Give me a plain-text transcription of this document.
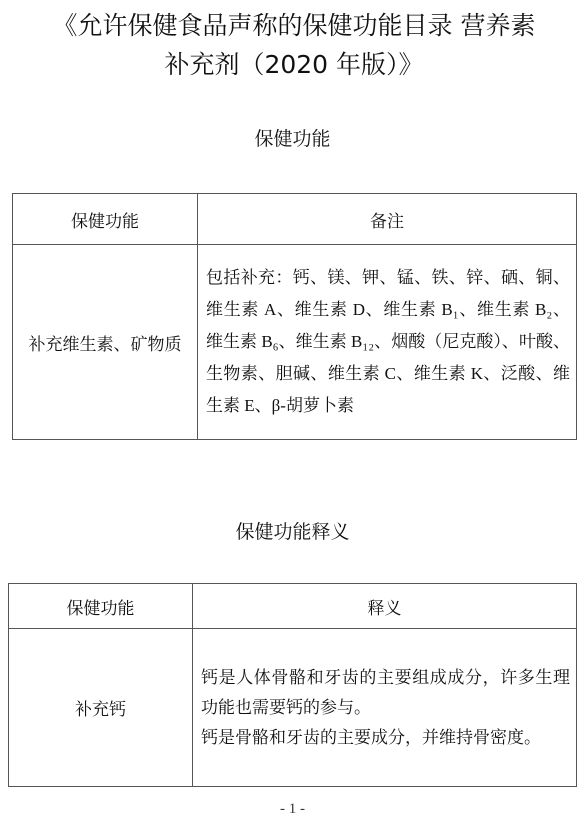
《允许保健食品声称的保健功能目录 营养素
补充剂（2020 年版）》
保健功能
保健功能	备注
补充维生素、矿物质	包括补充：钙、镁、钾、锰、铁、锌、硒、铜、维生素 A、维生素 D、维生素 B₁、维生素 B₂、维生素 B₆、维生素 B₁₂、烟酸（尼克酸）、叶酸、生物素、胆碱、维生素 C、维生素 K、泛酸、维生素 E、β-胡萝卜素
保健功能释义
保健功能	释义
补充钙	钙是人体骨骼和牙齿的主要组成成分，许多生理功能也需要钙的参与。
钙是骨骼和牙齿的主要成分，并维持骨密度。
- 1 -
